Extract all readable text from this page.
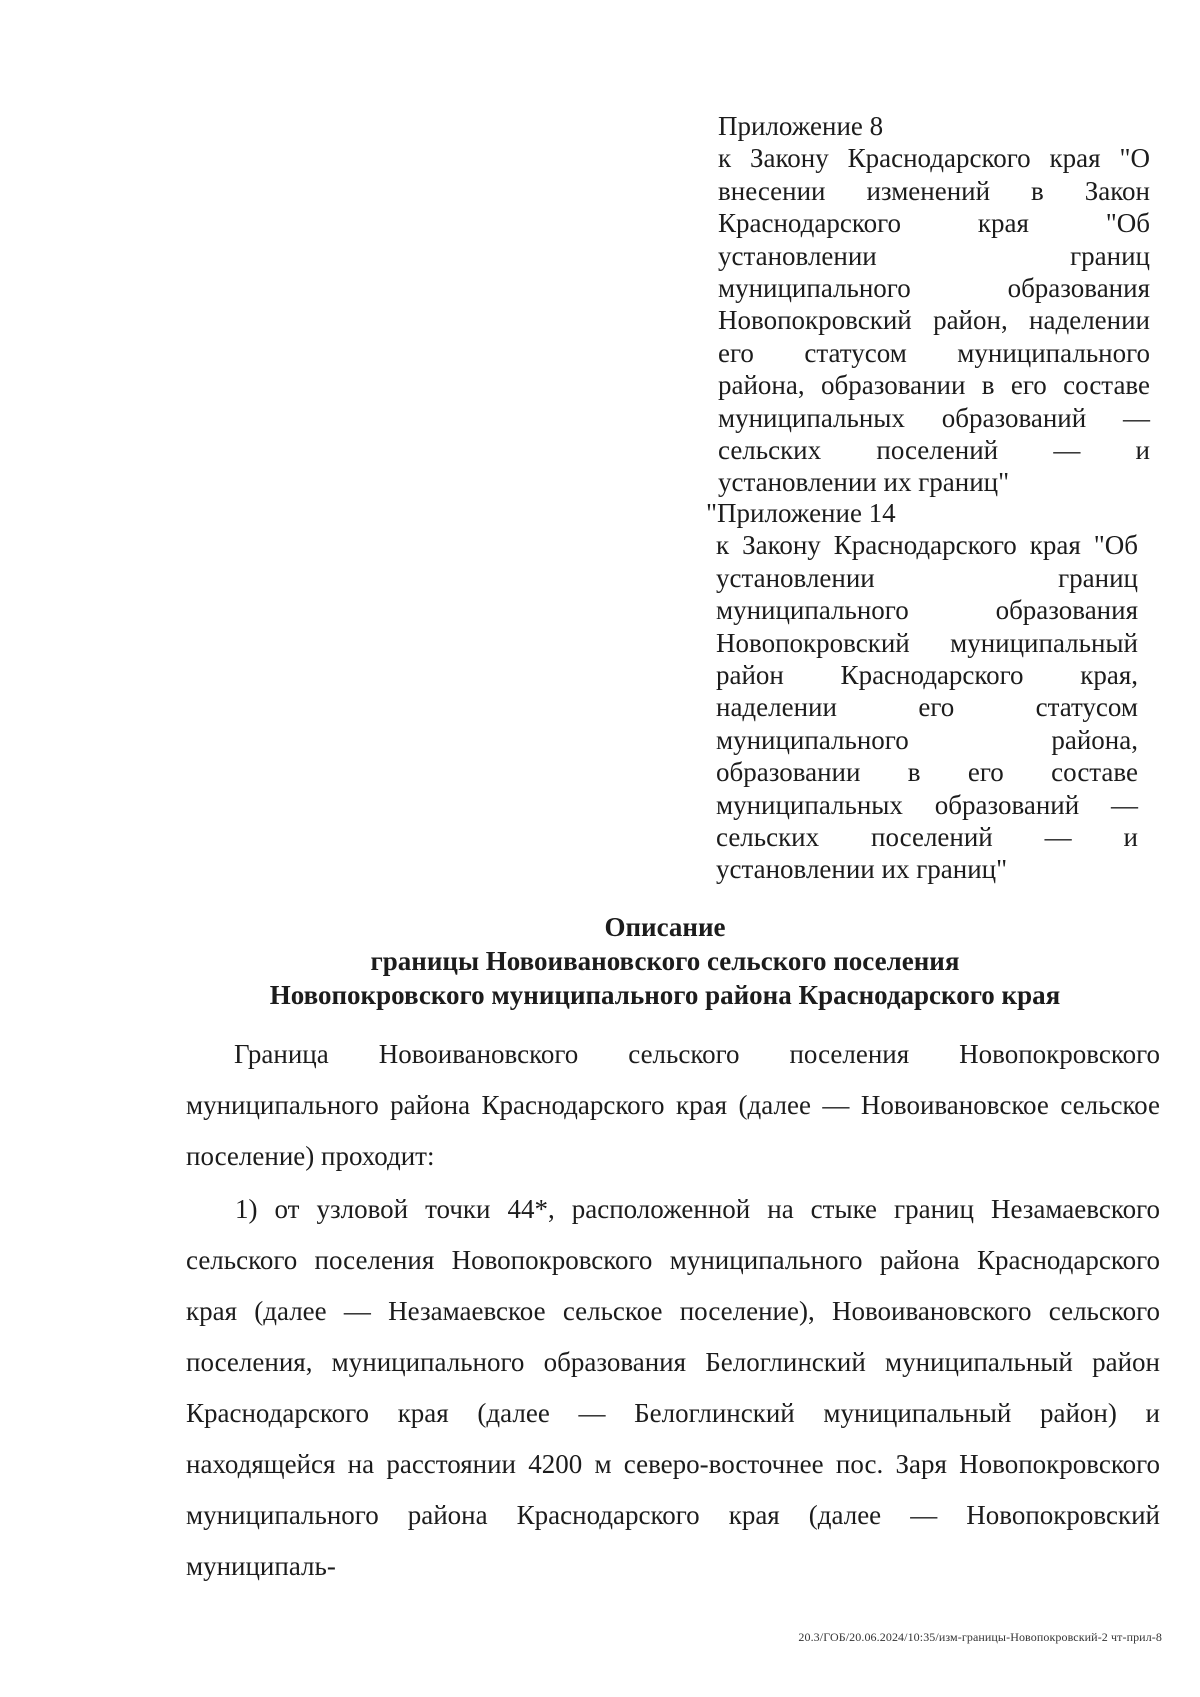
Приложение 8
к Закону Краснодарского края "О внесении изменений в Закон Краснодарского края "Об установлении границ муниципального образования Новопокровский район, наделении его статусом муниципального района, образовании в его составе муниципальных образований — сельских поселений — и установлении их границ"
"Приложение 14
к Закону Краснодарского края "Об установлении границ муниципального образования Новопокровский муниципальный район Краснодарского края, наделении его статусом муниципального района, образовании в его составе муниципальных образований — сельских поселений — и установлении их границ"
Описание
границы Новоивановского сельского поселения
Новопокровского муниципального района Краснодарского края

Граница Новоивановского сельского поселения Новопокровского муниципального района Краснодарского края (далее — Новоивановское сельское поселение) проходит:

1) от узловой точки 44*, расположенной на стыке границ Незамаевского сельского поселения Новопокровского муниципального района Краснодарского края (далее — Незамаевское сельское поселение), Новоивановского сельского поселения, муниципального образования Белоглинский муниципальный район Краснодарского края (далее — Белоглинский муниципальный район) и находящейся на расстоянии 4200 м северо-восточнее пос. Заря Новопокровского муниципального района Краснодарского края (далее — Новопокровский муниципаль-

20.3/ГОБ/20.06.2024/10:35/изм-границы-Новопокровский-2 чт-прил-8
